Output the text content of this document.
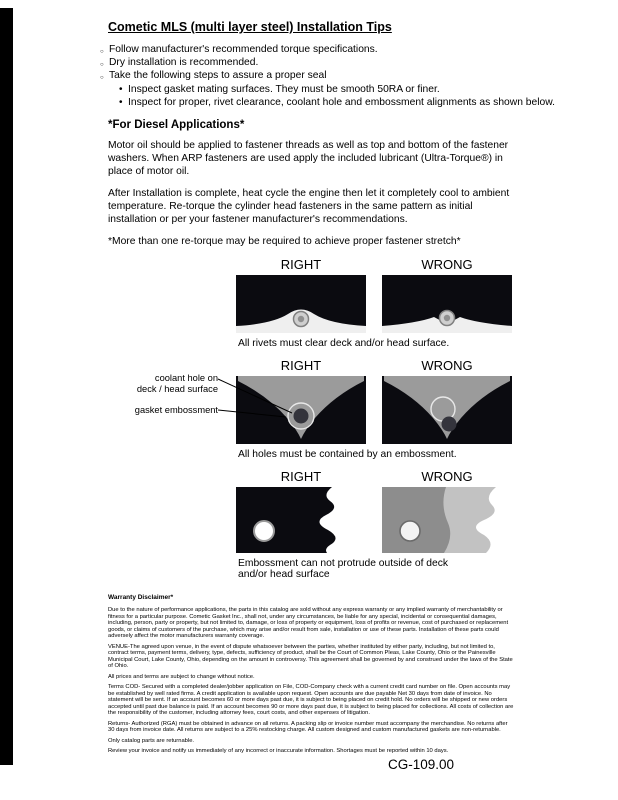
Cometic MLS (multi layer steel) Installation Tips
○ Follow manufacturer's recommended torque specifications.
○ Dry installation is recommended.
○ Take the following steps to assure a proper seal
• Inspect gasket mating surfaces. They must be smooth 50RA or finer.
• Inspect for proper, rivet clearance, coolant hole and embossment alignments as shown below.
*For Diesel Applications*

Motor oil should be applied to fastener threads as well as top and bottom of the fastener washers. When ARP fasteners are used apply the included lubricant (Ultra-Torque®) in place of motor oil.

After Installation is complete, heat cycle the engine then let it completely cool to ambient temperature. Re-torque the cylinder head fasteners in the same pattern as initial installation or per your fastener manufacturer's recommendations.

*More than one re-torque may be required to achieve proper fastener stretch*

RIGHT	WRONG

All rivets must clear deck and/or head surface.

coolant hole on
deck / head surface
gasket embossment
RIGHT	WRONG

All holes must be contained by an embossment.

RIGHT	WRONG

Embossment can not protrude outside of deck and/or head surface

Warranty Disclaimer*

Due to the nature of performance applications, the parts in this catalog are sold without any express warranty or any implied warranty of merchantability or fitness for a particular purpose. Cometic Gasket Inc., shall not, under any circumstances, be liable for any special, incidental or consequential damages, including, person, party or property, but not limited to, damage, or loss of property or equipment, loss of profits or revenue, cost of purchased or replacement goods, or claims of customers of the purchase, which may arise and/or result from sale, installation or use of these parts. Installation of these parts could adversely affect the motor manufacturers warranty coverage.

VENUE-The agreed upon venue, in the event of dispute whatsoever between the parties, whether instituted by either party, including, but not limited to, contract terms, payment terms, delivery, type, defects, sufficiency of product, shall be the Court of Common Pleas, Lake County, Ohio or the Painesville Municipal Court, Lake County, Ohio, depending on the amount in controversy. This agreement shall be governed by and construed under the laws of the State of Ohio.

All prices and terms are subject to change without notice.

Terms COD- Secured with a completed dealer/jobber application on File, COD-Company check with a current credit card number on file. Open accounts may be established by well rated firms. A credit application is available upon request. Open accounts are due payable Net 30 days from date of invoice. No statement will be sent. If an account becomes 60 or more days past due, it is subject to being placed on credit hold. No orders will be shipped or new orders accepted until past due balance is paid. If an account becomes 90 or more days past due, it is subject to being placed for collections. All costs of collection are the responsibility of the customer, including attorney fees, court costs, and other expenses of litigation.

Returns- Authorized (RGA) must be obtained in advance on all returns. A packing slip or invoice number must accompany the merchandise. No returns after 30 days from invoice date. All returns are subject to a 25% restocking charge. All custom designed and custom manufactured gaskets are non-returnable.

Only catalog parts are returnable.

Review your invoice and notify us immediately of any incorrect or inaccurate information. Shortages must be reported within 10 days.

CG-109.00
